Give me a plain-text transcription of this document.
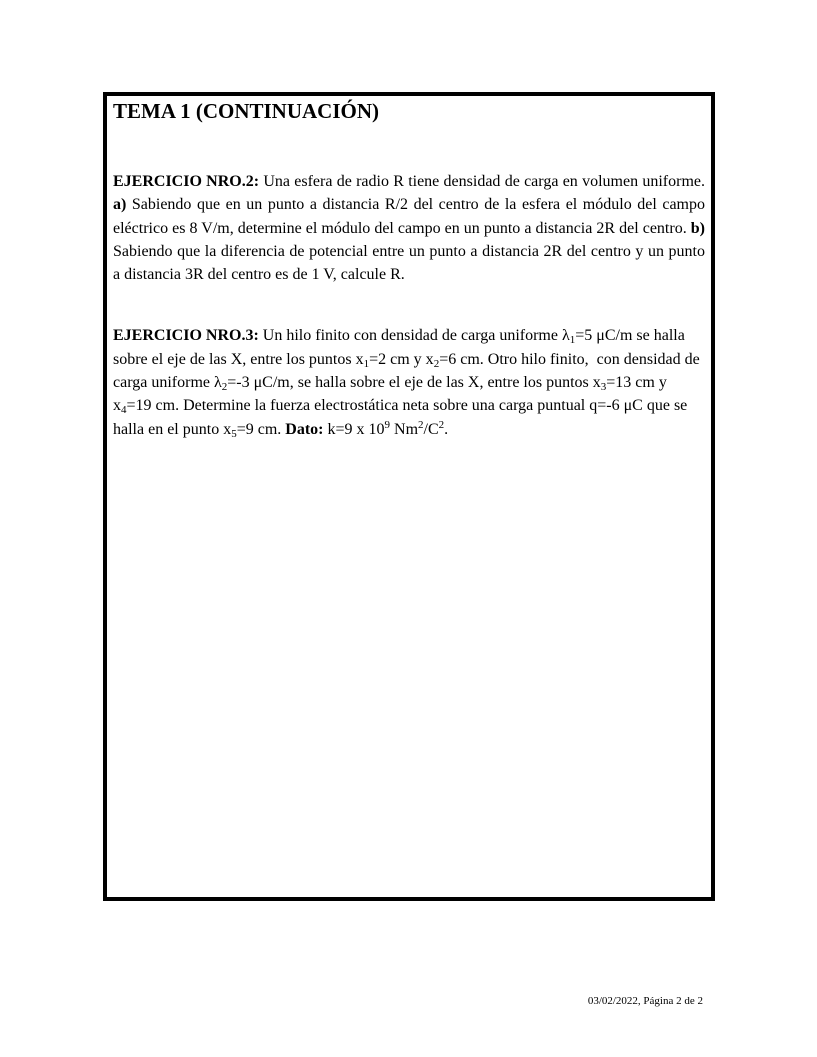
TEMA 1 (CONTINUACIÓN)

EJERCICIO NRO.2: Una esfera de radio R tiene densidad de carga en volumen uniforme. a) Sabiendo que en un punto a distancia R/2 del centro de la esfera el módulo del campo eléctrico es 8 V/m, determine el módulo del campo en un punto a distancia 2R del centro. b) Sabiendo que la diferencia de potencial entre un punto a distancia 2R del centro y un punto a distancia 3R del centro es de 1 V, calcule R.

EJERCICIO NRO.3: Un hilo finito con densidad de carga uniforme $\lambda_1=5$ μC/m se halla sobre el eje de las X, entre los puntos $x_1=2$ cm y $x_2=6$ cm. Otro hilo finito,  con densidad de carga uniforme $\lambda_2=-3$ μC/m, se halla sobre el eje de las X, entre los puntos $x_3=13$ cm y $x_4=19$ cm. Determine la fuerza electrostática neta sobre una carga puntual q=-6 μC que se halla en el punto $x_5=9$ cm. Dato: k=9 x $10^9$ $Nm^2/C^2$.

03/02/2022, Página 2 de 2
